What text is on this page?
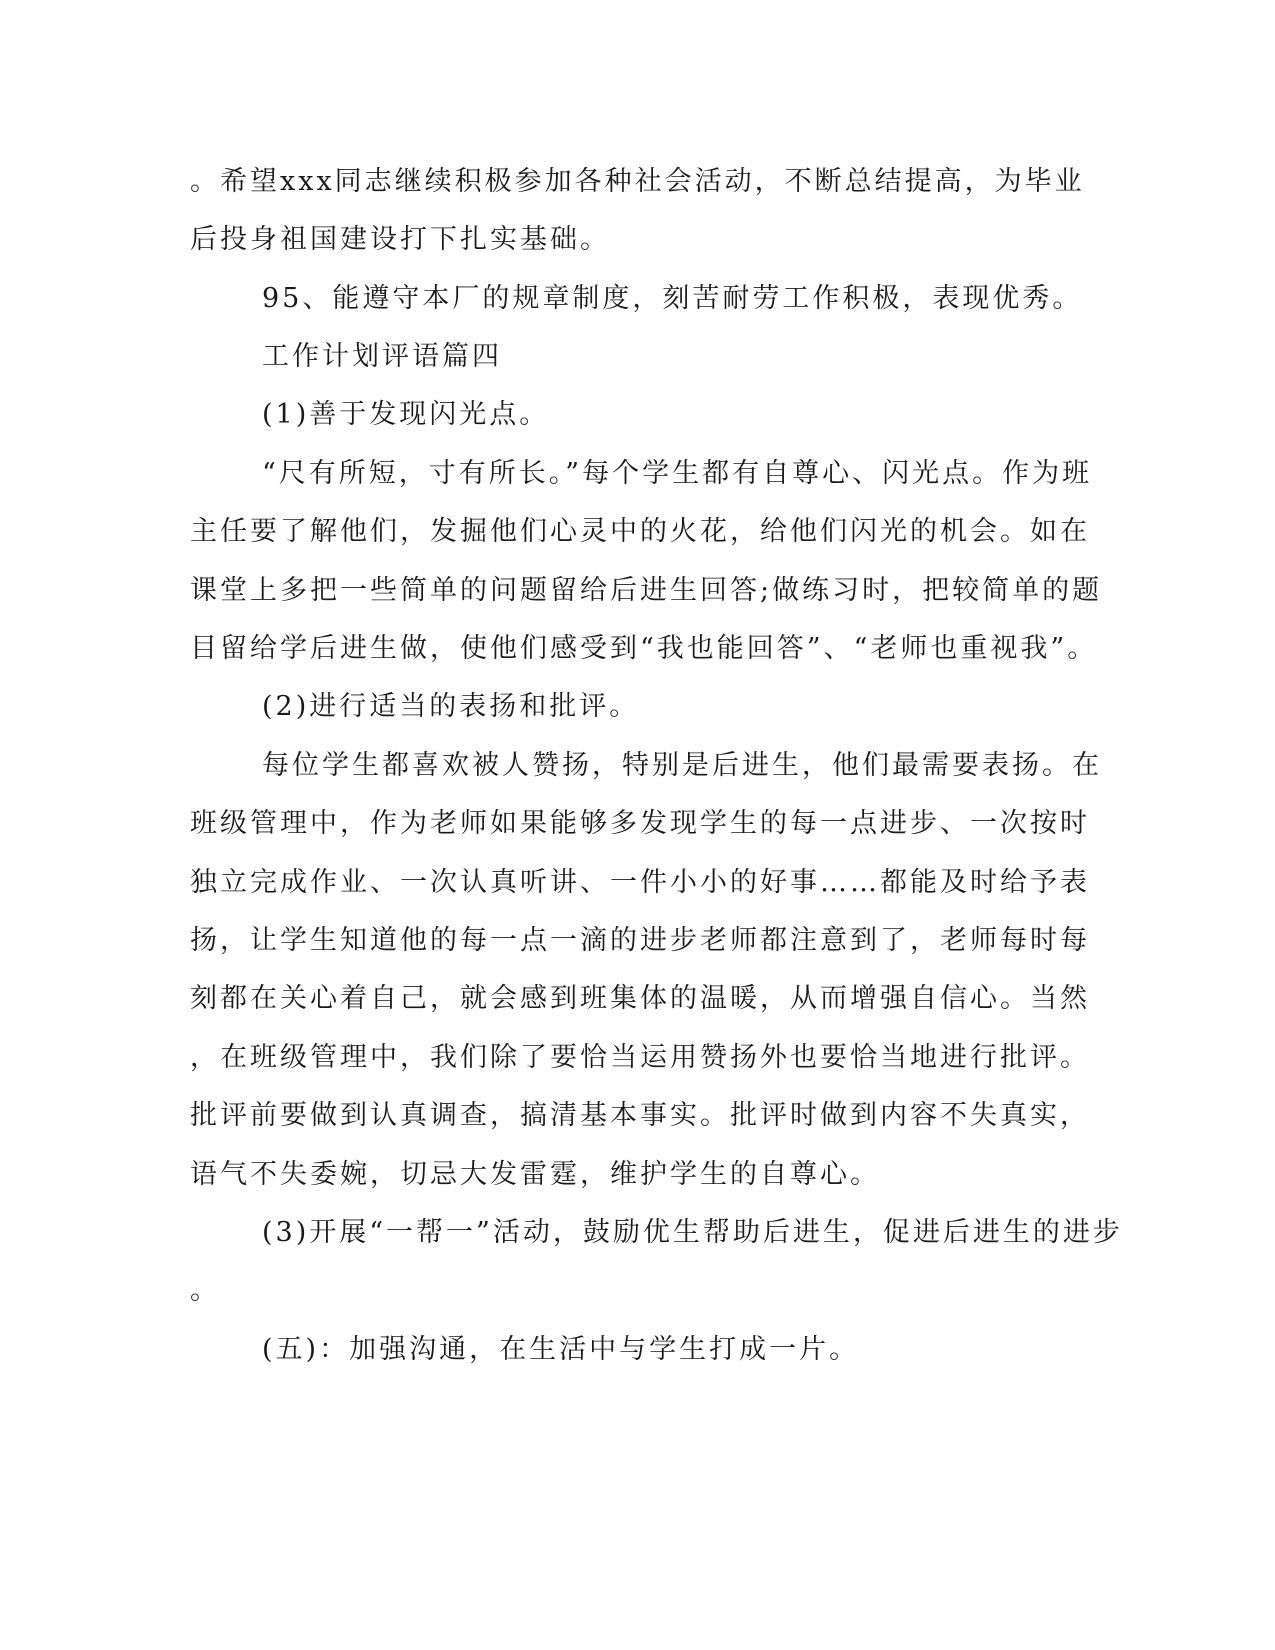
。希望xxx同志继续积极参加各种社会活动，不断总结提高，为毕业
后投身祖国建设打下扎实基础。
95、能遵守本厂的规章制度，刻苦耐劳工作积极，表现优秀。
工作计划评语篇四
(1)善于发现闪光点。
“尺有所短，寸有所长。”每个学生都有自尊心、闪光点。作为班
主任要了解他们，发掘他们心灵中的火花，给他们闪光的机会。如在
课堂上多把一些简单的问题留给后进生回答;做练习时，把较简单的题
目留给学后进生做，使他们感受到“我也能回答”、“老师也重视我”。
(2)进行适当的表扬和批评。
每位学生都喜欢被人赞扬，特别是后进生，他们最需要表扬。在
班级管理中，作为老师如果能够多发现学生的每一点进步、一次按时
独立完成作业、一次认真听讲、一件小小的好事……都能及时给予表
扬，让学生知道他的每一点一滴的进步老师都注意到了，老师每时每
刻都在关心着自己，就会感到班集体的温暖，从而增强自信心。当然
，在班级管理中，我们除了要恰当运用赞扬外也要恰当地进行批评。
批评前要做到认真调查，搞清基本事实。批评时做到内容不失真实，
语气不失委婉，切忌大发雷霆，维护学生的自尊心。
(3)开展“一帮一”活动，鼓励优生帮助后进生，促进后进生的进步
。
(五)：加强沟通，在生活中与学生打成一片。
